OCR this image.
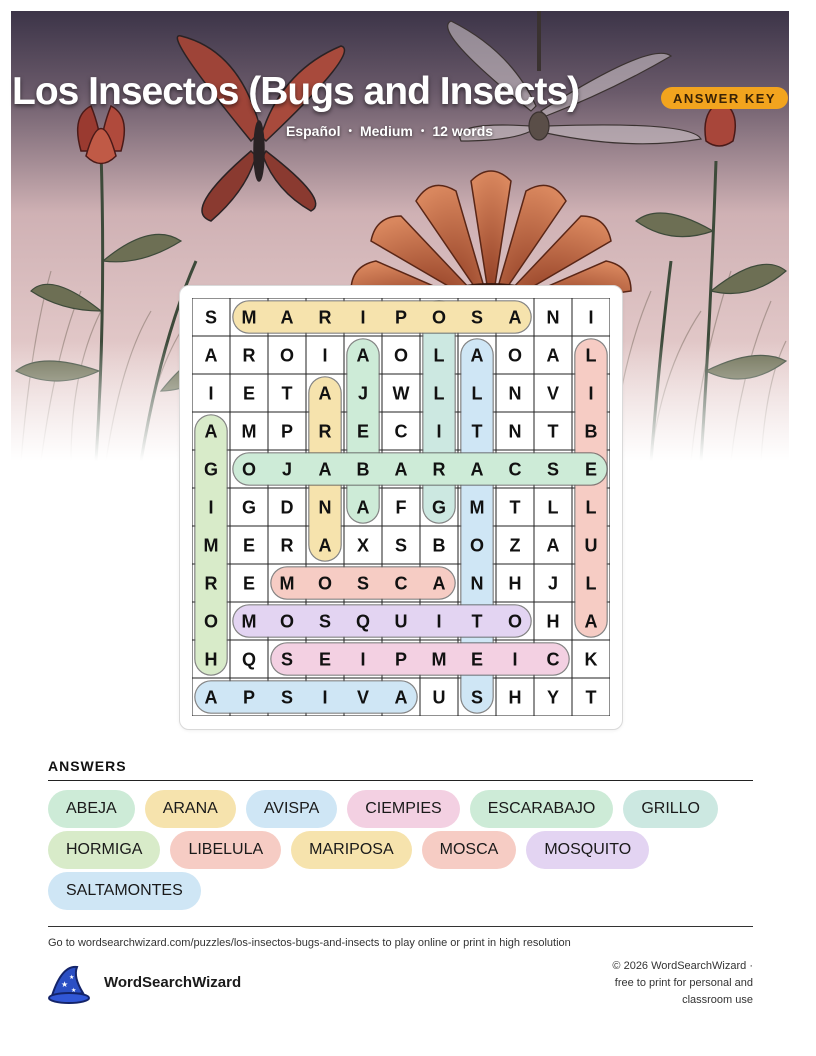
Los Insectos (Bugs and Insects)	ANSWER KEY
Español • Medium • 12 words
S M A R I P O S A N I
A R O I A O L A O A L
I E T A J W L L N V I
A M P R E C I T N T B
G O J A B A R A C S E
I G D N A F G M T L L
M E R A X S B O Z A U
R E M O S C A N H J L
O M O S Q U I T O H A
H Q S E I P M E I C K
A P S I V A U S H Y T
ANSWERS
ABEJA	ARANA	AVISPA	CIEMPIES	ESCARABAJO	GRILLO
HORMIGA	LIBELULA	MARIPOSA	MOSCA	MOSQUITO
SALTAMONTES
Go to wordsearchwizard.com/puzzles/los-insectos-bugs-and-insects to play online or print in high resolution
★
★
★ WordSearchWizard
© 2026 WordSearchWizard ·
free to print for personal and
classroom use
